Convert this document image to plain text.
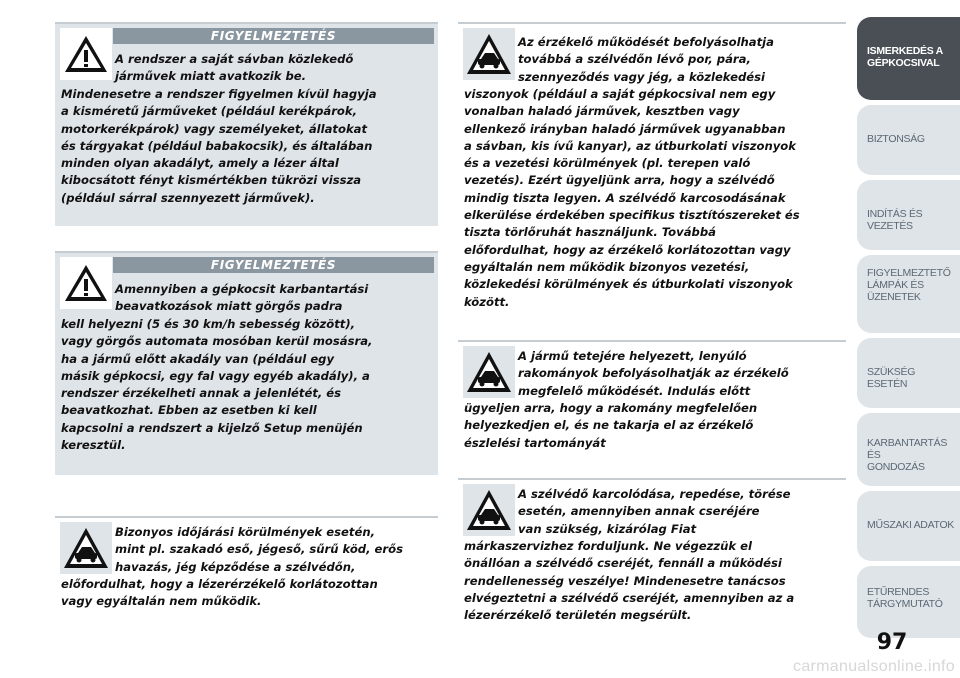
FIGYELMEZTETÉS

A rendszer a saját sávban közlekedő

járművek miatt avatkozik be.

Mindenesetre a rendszer figyelmen kívül hagyja

a kisméretű járműveket (például kerékpárok,

motorkerékpárok) vagy személyeket, állatokat

és tárgyakat (például babakocsik), és általában

minden olyan akadályt, amely a lézer által

kibocsátott fényt kismértékben tükrözi vissza

(például sárral szennyezett járművek).

FIGYELMEZTETÉS

Amennyiben a gépkocsit karbantartási

beavatkozások miatt görgős padra

kell helyezni (5 és 30 km/h sebesség között),

vagy görgős automata mosóban kerül mosásra,

ha a jármű előtt akadály van (például egy

másik gépkocsi, egy fal vagy egyéb akadály), a

rendszer érzékelheti annak a jelenlétét, és

beavatkozhat. Ebben az esetben ki kell

kapcsolni a rendszert a kijelző Setup menüjén

keresztül.

Bizonyos időjárási körülmények esetén,

mint pl. szakadó eső, jégeső, sűrű köd, erős

havazás, jég képződése a szélvédőn,

előfordulhat, hogy a lézerérzékelő korlátozottan

vagy egyáltalán nem működik.

Az érzékelő működését befolyásolhatja

továbbá a szélvédőn lévő por, pára,

szennyeződés vagy jég, a közlekedési

viszonyok (például a saját gépkocsival nem egy

vonalban haladó járművek, kesztben vagy

ellenkező irányban haladó járművek ugyanabban

a sávban, kis ívű kanyar), az útburkolati viszonyok

és a vezetési körülmények (pl. terepen való

vezetés). Ezért ügyeljünk arra, hogy a szélvédő

mindig tiszta legyen. A szélvédő karcosodásának

elkerülése érdekében specifikus tisztítószereket és

tiszta törlőruhát használjunk. Továbbá

előfordulhat, hogy az érzékelő korlátozottan vagy

egyáltalán nem működik bizonyos vezetési,

közlekedési körülmények és útburkolati viszonyok

között.

A jármű tetejére helyezett, lenyúló

rakományok befolyásolhatják az érzékelő

megfelelő működését. Indulás előtt

ügyeljen arra, hogy a rakomány megfelelően

helyezkedjen el, és ne takarja el az érzékelő

észlelési tartományát

A szélvédő karcolódása, repedése, törése

esetén, amennyiben annak cseréjére

van szükség, kizárólag Fiat

márkaszervizhez forduljunk. Ne végezzük el

önállóan a szélvédő cseréjét, fennáll a működési

rendellenesség veszélye! Mindenesetre tanácsos

elvégeztetni a szélvédő cseréjét, amennyiben az a

lézerérzékelő területén megsérült.

ISMERKEDÉS A
GÉPKOCSIVAL
BIZTONSÁG
INDÍTÁS ÉS VEZETÉS
FIGYELMEZTETŐ
LÁMPÁK ÉS
ÜZENETEK
SZÜKSÉG ESETÉN
KARBANTARTÁS ÉS
GONDOZÁS
MŰSZAKI ADATOK
ETŰRENDES
TÁRGYMUTATÓ
97
carmanualsonline.info
